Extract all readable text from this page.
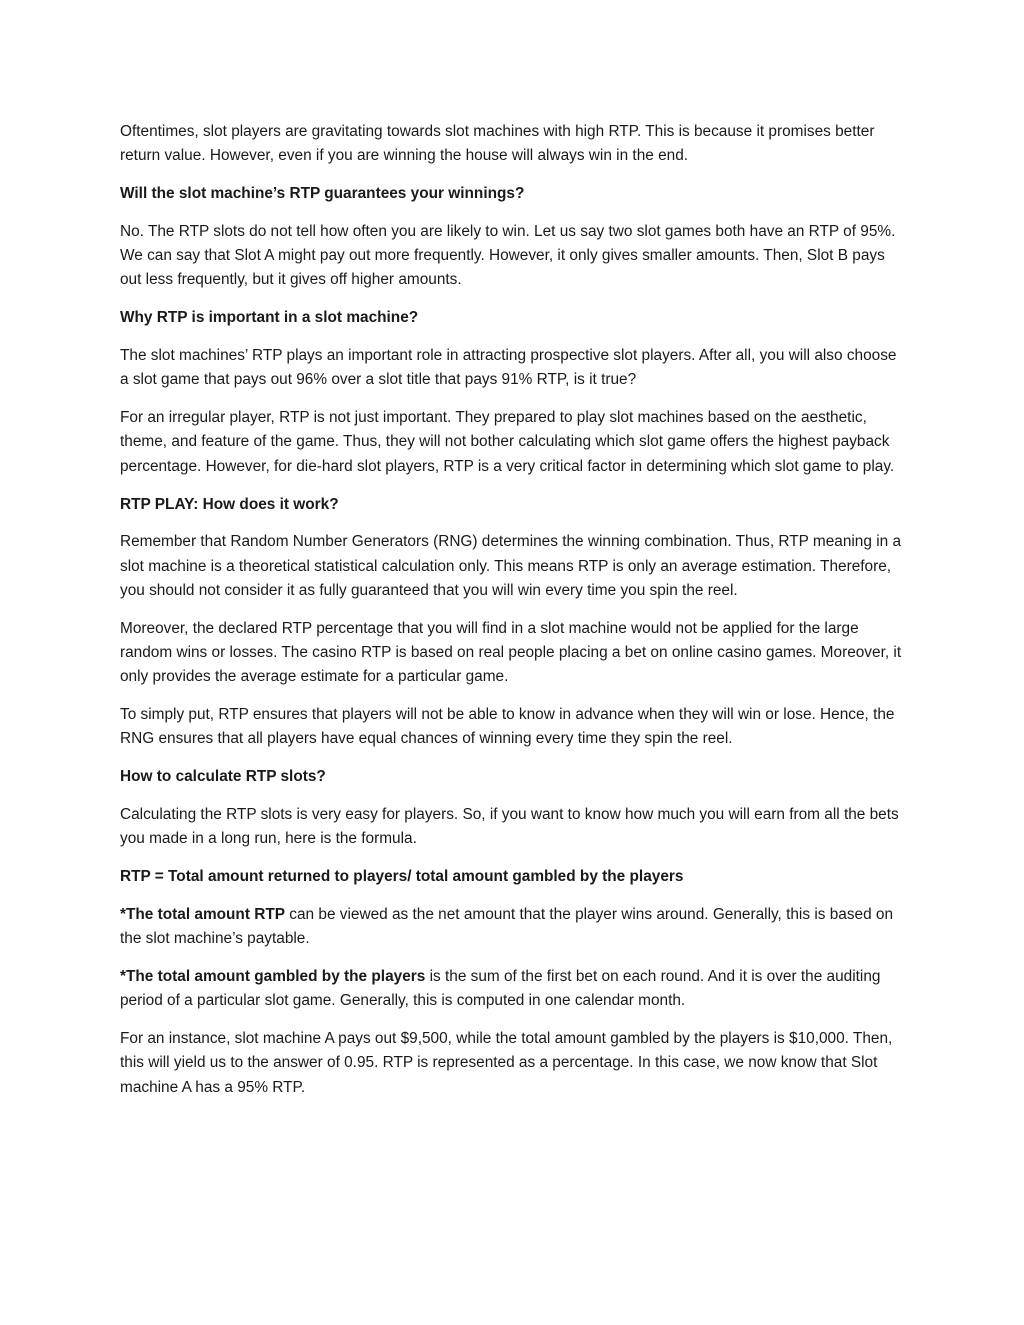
Oftentimes, slot players are gravitating towards slot machines with high RTP. This is because it promises better return value. However, even if you are winning the house will always win in the end.

Will the slot machine’s RTP guarantees your winnings?

No. The RTP slots do not tell how often you are likely to win. Let us say two slot games both have an RTP of 95%. We can say that Slot A might pay out more frequently. However, it only gives smaller amounts. Then, Slot B pays out less frequently, but it gives off higher amounts.

Why RTP is important in a slot machine?

The slot machines’ RTP plays an important role in attracting prospective slot players. After all, you will also choose a slot game that pays out 96% over a slot title that pays 91% RTP, is it true?

For an irregular player, RTP is not just important. They prepared to play slot machines based on the aesthetic, theme, and feature of the game. Thus, they will not bother calculating which slot game offers the highest payback percentage. However, for die-hard slot players, RTP is a very critical factor in determining which slot game to play.

RTP PLAY: How does it work?

Remember that Random Number Generators (RNG) determines the winning combination. Thus, RTP meaning in a slot machine is a theoretical statistical calculation only. This means RTP is only an average estimation. Therefore, you should not consider it as fully guaranteed that you will win every time you spin the reel.

Moreover, the declared RTP percentage that you will find in a slot machine would not be applied for the large random wins or losses. The casino RTP is based on real people placing a bet on online casino games. Moreover, it only provides the average estimate for a particular game.

To simply put, RTP ensures that players will not be able to know in advance when they will win or lose. Hence, the RNG ensures that all players have equal chances of winning every time they spin the reel.

How to calculate RTP slots?

Calculating the RTP slots is very easy for players. So, if you want to know how much you will earn from all the bets you made in a long run, here is the formula.

RTP = Total amount returned to players/ total amount gambled by the players

*The total amount RTP can be viewed as the net amount that the player wins around. Generally, this is based on the slot machine’s paytable.

*The total amount gambled by the players is the sum of the first bet on each round. And it is over the auditing period of a particular slot game. Generally, this is computed in one calendar month.

For an instance, slot machine A pays out $9,500, while the total amount gambled by the players is $10,000. Then, this will yield us to the answer of 0.95. RTP is represented as a percentage. In this case, we now know that Slot machine A has a 95% RTP.
